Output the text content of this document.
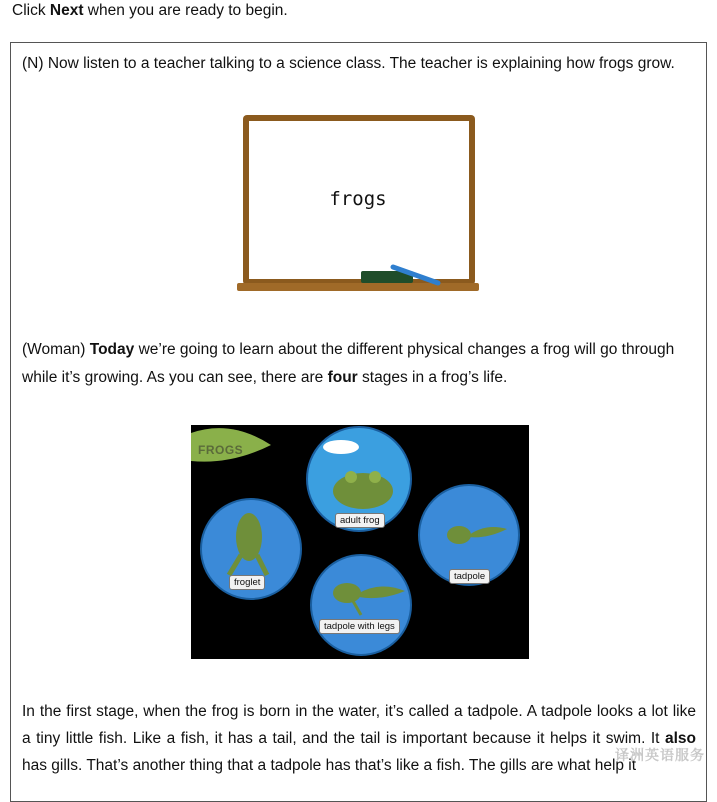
Click Next when you are ready to begin.
(N) Now listen to a teacher talking to a science class. The teacher is explaining how frogs grow.
frogs
(Woman) Today we’re going to learn about the different physical changes a frog will go through while it’s growing. As you can see, there are four stages in a frog’s life.
FROGS
adult frog
froglet
tadpole
tadpole with legs
In the first stage, when the frog is born in the water, it’s called a tadpole. A tadpole looks a lot like a tiny little fish. Like a fish, it has a tail, and the tail is important because it helps it swim. It also has gills. That’s another thing that a tadpole has that’s like a fish. The gills are what help it
译洲英语服务
